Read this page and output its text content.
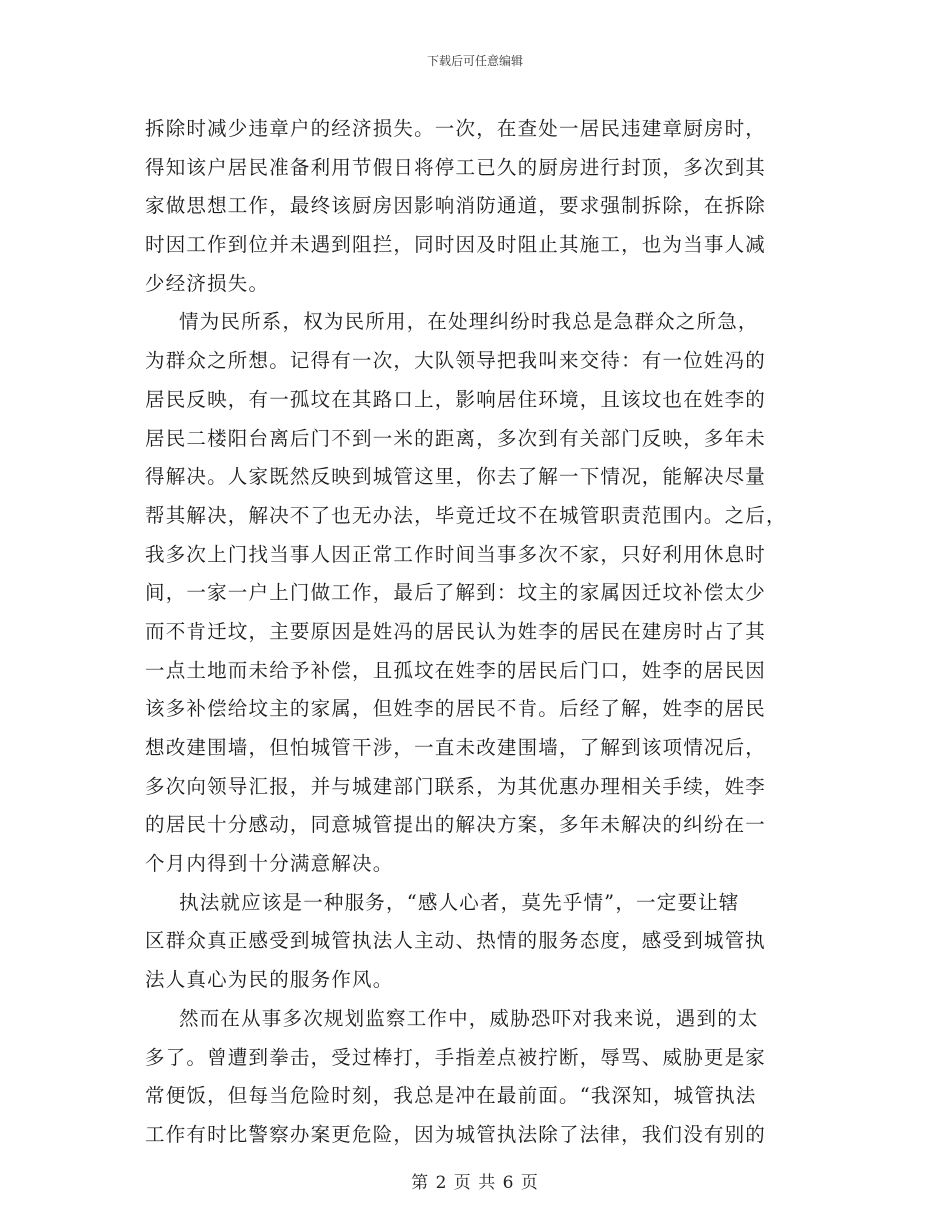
下载后可任意编辑
拆除时减少违章户的经济损失。一次，在查处一居民违建章厨房时，
得知该户居民准备利用节假日将停工已久的厨房进行封顶，多次到其
家做思想工作，最终该厨房因影响消防通道，要求强制拆除，在拆除
时因工作到位并未遇到阻拦，同时因及时阻止其施工，也为当事人减
少经济损失。
情为民所系，权为民所用，在处理纠纷时我总是急群众之所急，
为群众之所想。记得有一次，大队领导把我叫来交待：有一位姓冯的
居民反映，有一孤坟在其路口上，影响居住环境，且该坟也在姓李的
居民二楼阳台离后门不到一米的距离，多次到有关部门反映，多年未
得解决。人家既然反映到城管这里，你去了解一下情况，能解决尽量
帮其解决，解决不了也无办法，毕竟迁坟不在城管职责范围内。之后，
我多次上门找当事人因正常工作时间当事多次不家，只好利用休息时
间，一家一户上门做工作，最后了解到：坟主的家属因迁坟补偿太少
而不肯迁坟，主要原因是姓冯的居民认为姓李的居民在建房时占了其
一点土地而未给予补偿，且孤坟在姓李的居民后门口，姓李的居民因
该多补偿给坟主的家属，但姓李的居民不肯。后经了解，姓李的居民
想改建围墙，但怕城管干涉，一直未改建围墙，了解到该项情况后，
多次向领导汇报，并与城建部门联系，为其优惠办理相关手续，姓李
的居民十分感动，同意城管提出的解决方案，多年未解决的纠纷在一
个月内得到十分满意解决。
执法就应该是一种服务，“感人心者，莫先乎情”，一定要让辖
区群众真正感受到城管执法人主动、热情的服务态度，感受到城管执
法人真心为民的服务作风。
然而在从事多次规划监察工作中，威胁恐吓对我来说，遇到的太
多了。曾遭到拳击，受过棒打，手指差点被拧断，辱骂、威胁更是家
常便饭，但每当危险时刻，我总是冲在最前面。“我深知，城管执法
工作有时比警察办案更危险，因为城管执法除了法律，我们没有别的
第 2 页 共 6 页
